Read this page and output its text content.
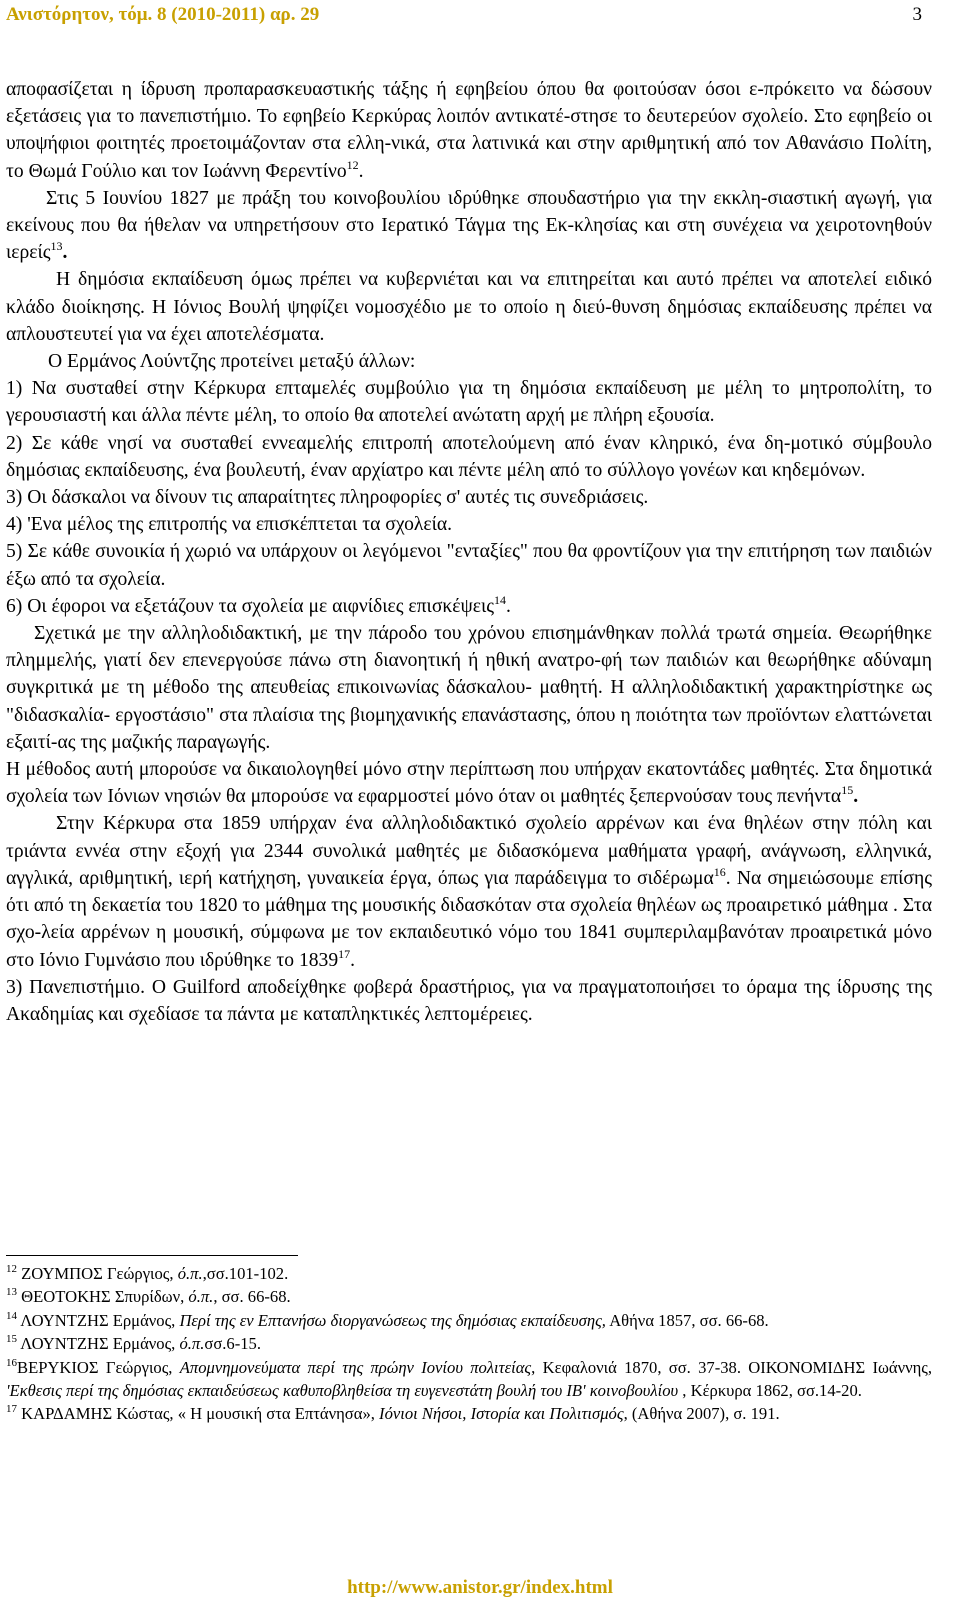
Ανιστόρητον, τόμ. 8 (2010-2011) αρ. 29	3

αποφασίζεται η ίδρυση προπαρασκευαστικής τάξης ή εφηβείου όπου θα φοιτούσαν όσοι ε-πρόκειτο να δώσουν εξετάσεις για το πανεπιστήμιο. Το εφηβείο Κερκύρας λοιπόν αντικατέ-στησε το δευτερεύον σχολείο. Στο εφηβείο οι υποψήφιοι φοιτητές προετοιμάζονταν στα ελλη-νικά, στα λατινικά και στην αριθμητική από τον Αθανάσιο Πολίτη, το Θωμά Γούλιο και τον Ιωάννη Φερεντίνο$^{12}$.

Στις 5 Ιουνίου 1827 με πράξη του κοινοβουλίου ιδρύθηκε σπουδαστήριο για την εκκλη-σιαστική αγωγή, για εκείνους που θα ήθελαν να υπηρετήσουν στο Ιερατικό Τάγμα της Εκ-κλησίας και στη συνέχεια να χειροτονηθούν ιερείς$^{13}$.

Η δημόσια εκπαίδευση όμως πρέπει να κυβερνιέται και να επιτηρείται και αυτό πρέπει να αποτελεί ειδικό κλάδο διοίκησης. Η Ιόνιος Βουλή ψηφίζει νομοσχέδιο με το οποίο η διεύ-θυνση δημόσιας εκπαίδευσης πρέπει να απλουστευτεί για να έχει αποτελέσματα.

Ο Ερμάνος Λούντζης προτείνει μεταξύ άλλων:

1) Να συσταθεί στην Κέρκυρα επταμελές συμβούλιο για τη δημόσια εκπαίδευση με μέλη το μητροπολίτη, το γερουσιαστή και άλλα πέντε μέλη, το οποίο θα αποτελεί ανώτατη αρχή με πλήρη εξουσία.

2) Σε κάθε νησί να συσταθεί εννεαμελής επιτροπή αποτελούμενη από έναν κληρικό, ένα δη-μοτικό σύμβουλο δημόσιας εκπαίδευσης, ένα βουλευτή, έναν αρχίατρο και πέντε μέλη από το σύλλογο γονέων και κηδεμόνων.

3) Οι δάσκαλοι να δίνουν τις απαραίτητες πληροφορίες σ' αυτές τις συνεδριάσεις.

4) 'Ενα μέλος της επιτροπής να επισκέπτεται τα σχολεία.

5) Σε κάθε συνοικία ή χωριό να υπάρχουν οι λεγόμενοι "ενταξίες" που θα φροντίζουν για την επιτήρηση των παιδιών έξω από τα σχολεία.

6) Οι έφοροι να εξετάζουν τα σχολεία με αιφνίδιες επισκέψεις$^{14}$.

Σχετικά με την αλληλοδιδακτική, με την πάροδο του χρόνου επισημάνθηκαν πολλά τρωτά σημεία. Θεωρήθηκε πλημμελής, γιατί δεν επενεργούσε πάνω στη διανοητική ή ηθική ανατρο-φή των παιδιών και θεωρήθηκε αδύναμη συγκριτικά με τη μέθοδο της απευθείας επικοινωνίας δάσκαλου- μαθητή. Η αλληλοδιδακτική χαρακτηρίστηκε ως "διδασκαλία- εργοστάσιο" στα πλαίσια της βιομηχανικής επανάστασης, όπου η ποιότητα των προϊόντων ελαττώνεται εξαιτί-ας της μαζικής παραγωγής.

Η μέθοδος αυτή μπορούσε να δικαιολογηθεί μόνο στην περίπτωση που υπήρχαν εκατοντάδες μαθητές. Στα δημοτικά σχολεία των Ιόνιων νησιών θα μπορούσε να εφαρμοστεί μόνο όταν οι μαθητές ξεπερνούσαν τους πενήντα$^{15}$.

Στην Κέρκυρα στα 1859 υπήρχαν ένα αλληλοδιδακτικό σχολείο αρρένων και ένα θηλέων στην πόλη και τριάντα εννέα στην εξοχή για 2344 συνολικά μαθητές με διδασκόμενα μαθήματα γραφή, ανάγνωση, ελληνικά, αγγλικά, αριθμητική, ιερή κατήχηση, γυναικεία έργα, όπως για παράδειγμα το σιδέρωμα$^{16}$. Να σημειώσουμε επίσης ότι από τη δεκαετία του 1820 το μάθημα της μουσικής διδασκόταν στα σχολεία θηλέων ως προαιρετικό μάθημα . Στα σχο-λεία αρρένων η μουσική, σύμφωνα με τον εκπαιδευτικό νόμο του 1841 συμπεριλαμβανόταν προαιρετικά μόνο στο Ιόνιο Γυμνάσιο που ιδρύθηκε το 1839$^{17}$.

3) Πανεπιστήμιο. Ο Guilford αποδείχθηκε φοβερά δραστήριος, για να πραγματοποιήσει το όραμα της ίδρυσης της Ακαδημίας και σχεδίασε τα πάντα με καταπληκτικές λεπτομέρειες.

$^{12}$ ΖΟΥΜΠΟΣ Γεώργιος, ό.π.,σσ.101-102.

$^{13}$ ΘΕΟΤΟΚΗΣ Σπυρίδων, ό.π., σσ. 66-68.

$^{14}$ ΛΟΥΝΤΖΗΣ Ερμάνος, Περί της εν Επτανήσω διοργανώσεως της δημόσιας εκπαίδευσης, Αθήνα 1857, σσ. 66-68.

$^{15}$ ΛΟΥΝΤΖΗΣ Ερμάνος, ό.π.σσ.6-15.

$^{16}$ΒΕΡΥΚΙΟΣ Γεώργιος, Απομνημονεύματα περί της πρώην Ιονίου πολιτείας, Κεφαλονιά 1870, σσ. 37-38. ΟΙΚΟΝΟΜΙΔΗΣ Ιωάννης, 'Εκθεσις περί της δημόσιας εκπαιδεύσεως καθυποβληθείσα τη ευγενεστάτη βουλή του ΙΒ' κοινοβουλίου , Κέρκυρα 1862, σσ.14-20.

$^{17}$ ΚΑΡΔΑΜΗΣ Κώστας, « Η μουσική στα Επτάνησα», Ιόνιοι Νήσοι, Ιστορία και Πολιτισμός, (Αθήνα 2007), σ. 191.

http://www.anistor.gr/index.html
